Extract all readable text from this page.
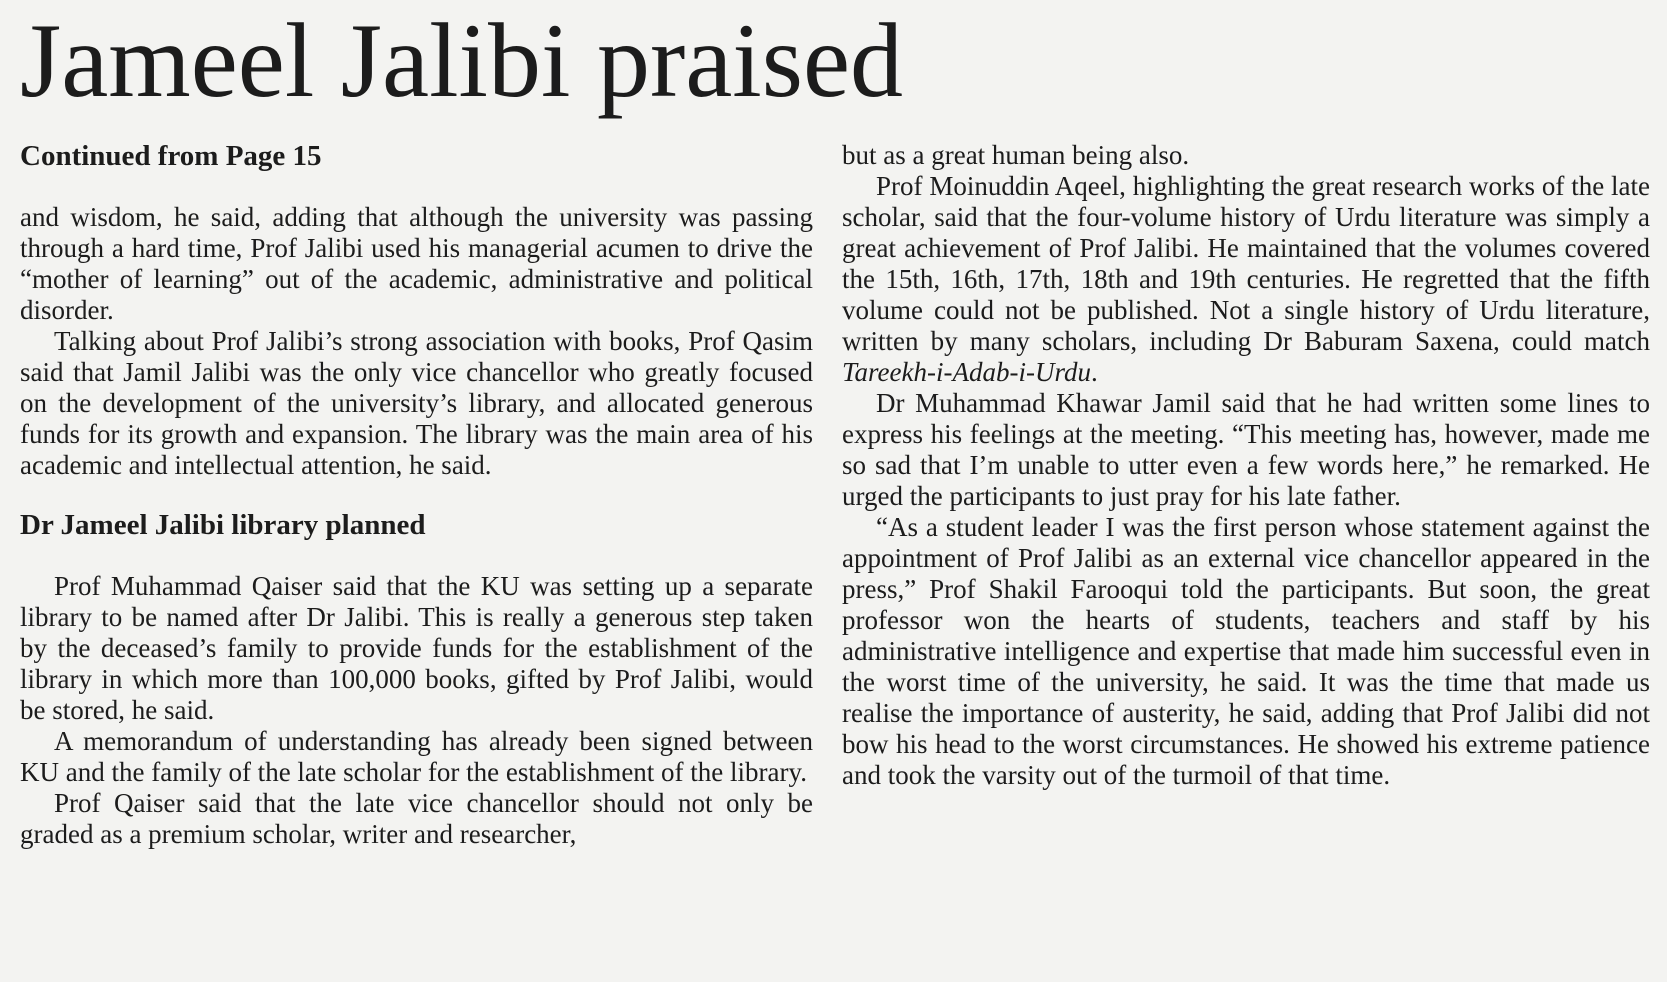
Jameel Jalibi praised
Continued from Page 15

and wisdom, he said, adding that although the university was passing through a hard time, Prof Jalibi used his managerial acumen to drive the “mother of learning” out of the academic, administrative and political disorder.

Talking about Prof Jalibi’s strong association with books, Prof Qasim said that Jamil Jalibi was the only vice chancellor who greatly focused on the development of the university’s library, and allocated generous funds for its growth and expansion. The library was the main area of his academic and intellectual attention, he said.

Dr Jameel Jalibi library planned

Prof Muhammad Qaiser said that the KU was setting up a separate library to be named after Dr Jalibi. This is really a generous step taken by the deceased’s family to provide funds for the establishment of the library in which more than 100,000 books, gifted by Prof Jalibi, would be stored, he said.

A memorandum of understanding has already been signed between KU and the family of the late scholar for the establishment of the library.

Prof Qaiser said that the late vice chancellor should not only be graded as a premium scholar, writer and researcher,

but as a great human being also.

Prof Moinuddin Aqeel, highlighting the great research works of the late scholar, said that the four-volume history of Urdu literature was simply a great achievement of Prof Jalibi. He maintained that the volumes covered the 15th, 16th, 17th, 18th and 19th centuries. He regretted that the fifth volume could not be published. Not a single history of Urdu literature, written by many scholars, including Dr Baburam Saxena, could match Tareekh-i-Adab-i-Urdu.

Dr Muhammad Khawar Jamil said that he had written some lines to express his feelings at the meeting. “This meeting has, however, made me so sad that I’m unable to utter even a few words here,” he remarked. He urged the participants to just pray for his late father.

“As a student leader I was the first person whose statement against the appointment of Prof Jalibi as an external vice chancellor appeared in the press,” Prof Shakil Farooqui told the participants. But soon, the great professor won the hearts of students, teachers and staff by his administrative intelligence and expertise that made him successful even in the worst time of the university, he said. It was the time that made us realise the importance of austerity, he said, adding that Prof Jalibi did not bow his head to the worst circumstances. He showed his extreme patience and took the varsity out of the turmoil of that time.
